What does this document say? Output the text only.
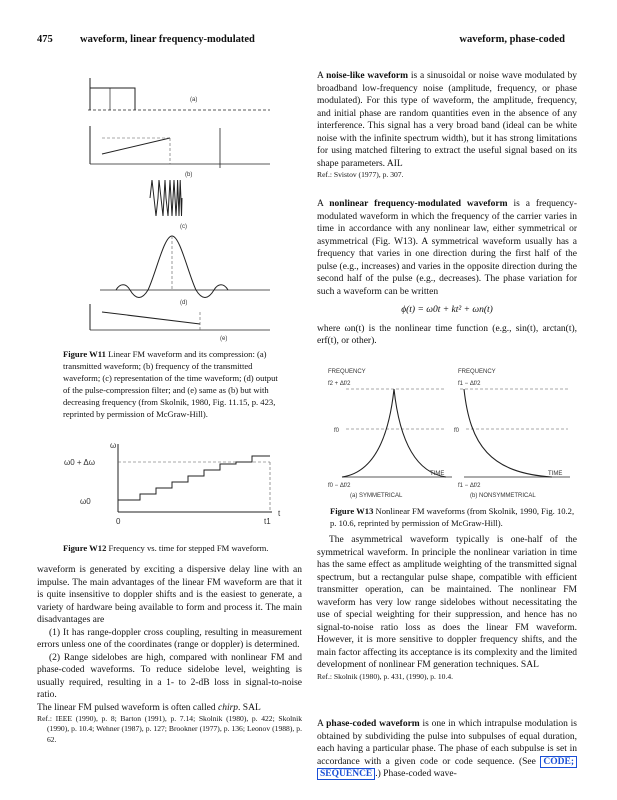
475	waveform, linear frequency-modulated	waveform, phase-coded
(a)
(b)
(c)
(d)
(e)
Figure W11 Linear FM waveform and its compression: (a) transmitted waveform; (b) frequency of the transmitted waveform; (c) representation of the time waveform; (d) output of the pulse-compression filter; and (e) same as (b) but with decreasing frequency (from Skolnik, 1980, Fig. 11.15, p. 423, reprinted by permission of McGraw-Hill).
ω
ω0 + Δω
ω0
0	t1
t
Figure W12 Frequency vs. time for stepped FM waveform.
waveform is generated by exciting a dispersive delay line with an impulse. The main advantages of the linear FM waveform are that it is quite insensitive to doppler shifts and is the easiest to generate, a variety of hardware being available to form and process it. The main disadvantages are
(1) It has range-doppler cross coupling, resulting in measurement errors unless one of the coordinates (range or doppler) is determined.
(2) Range sidelobes are high, compared with nonlinear FM and phase-coded waveforms. To reduce sidelobe level, weighting is usually required, resulting in a 1- to 2-dB loss in signal-to-noise ratio.
The linear FM pulsed waveform is often called chirp. SAL
Ref.: IEEE (1990), p. 8; Barton (1991), p. 7.14; Skolnik (1980), p. 422; Skolnik (1990), p. 10.4; Wehner (1987), p. 127; Brookner (1977), p. 136; Leonov (1988), p. 62.
A noise-like waveform is a sinusoidal or noise wave modulated by broadband low-frequency noise (amplitude, frequency, or phase modulated). For this type of waveform, the amplitude, frequency, and initial phase are random quantities even in the absence of any interference. This signal has a very broad band (ideal can be white noise with the infinite spectrum width), but it has strong limitations for using matched filtering to extract the useful signal based on its shape parameters. AIL
Ref.: Svistov (1977), p. 307.
A nonlinear frequency-modulated waveform is a frequency-modulated waveform in which the frequency of the carrier varies in time in accordance with any nonlinear law, either symmetrical or asymmetrical (Fig. W13). A symmetrical waveform usually has a frequency that varies in one direction during the first half of the pulse (e.g., increases) and varies in the opposite direction during the second half of the pulse (e.g., decreases). The phase variation for such a waveform can be written
ϕ(t) = ω0t + kt² + ωn(t)
where ωn(t) is the nonlinear time function (e.g., sin(t), arctan(t), erf(t), or other).
FREQUENCY
f2 + Δf/2
f0
TIME
f0 − Δf/2
(a) SYMMETRICAL
FREQUENCY
f1 − Δf/2
f0
TIME
f1 − Δf/2
(b) NONSYMMETRICAL
Figure W13 Nonlinear FM waveforms (from Skolnik, 1990, Fig. 10.2, p. 10.6, reprinted by permission of McGraw-Hill).
The asymmetrical waveform typically is one-half of the symmetrical waveform. In principle the nonlinear variation in time has the same effect as amplitude weighting of the transmitted signal spectrum, but a rectangular pulse shape, compatible with efficient transmitter operation, can be maintained. The nonlinear FM waveform has very low range sidelobes without necessitating the use of special weighting for their suppression, and hence has no signal-to-noise ratio loss as does the linear FM waveform. However, it is more sensitive to doppler frequency shifts, and the main factor affecting its acceptance is its complexity and the limited development of nonlinear FM generation techniques. SAL
Ref.: Skolnik (1980), p. 431, (1990), p. 10.4.
A phase-coded waveform is one in which intrapulse modulation is obtained by subdividing the pulse into subpulses of equal duration, each having a particular phase. The phase of each subpulse is set in accordance with a given code or code sequence. (See CODE; SEQUENCE .) Phase-coded wave-
